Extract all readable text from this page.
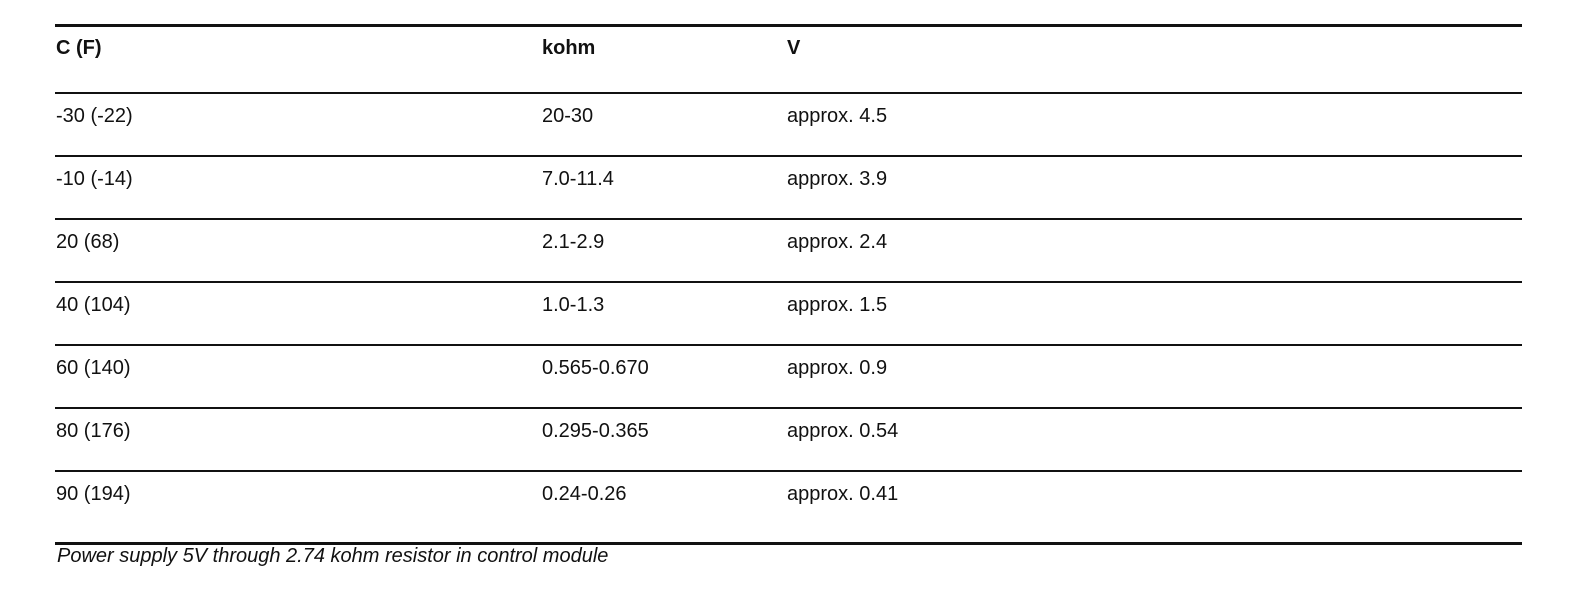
C (F)	kohm	V
-30 (-22)	20-30	approx. 4.5
-10 (-14)	7.0-11.4	approx. 3.9
20 (68)	2.1-2.9	approx. 2.4
40 (104)	1.0-1.3	approx. 1.5
60 (140)	0.565-0.670	approx. 0.9
80 (176)	0.295-0.365	approx. 0.54
90 (194)	0.24-0.26	approx. 0.41
Power supply 5V through 2.74 kohm resistor in control module
